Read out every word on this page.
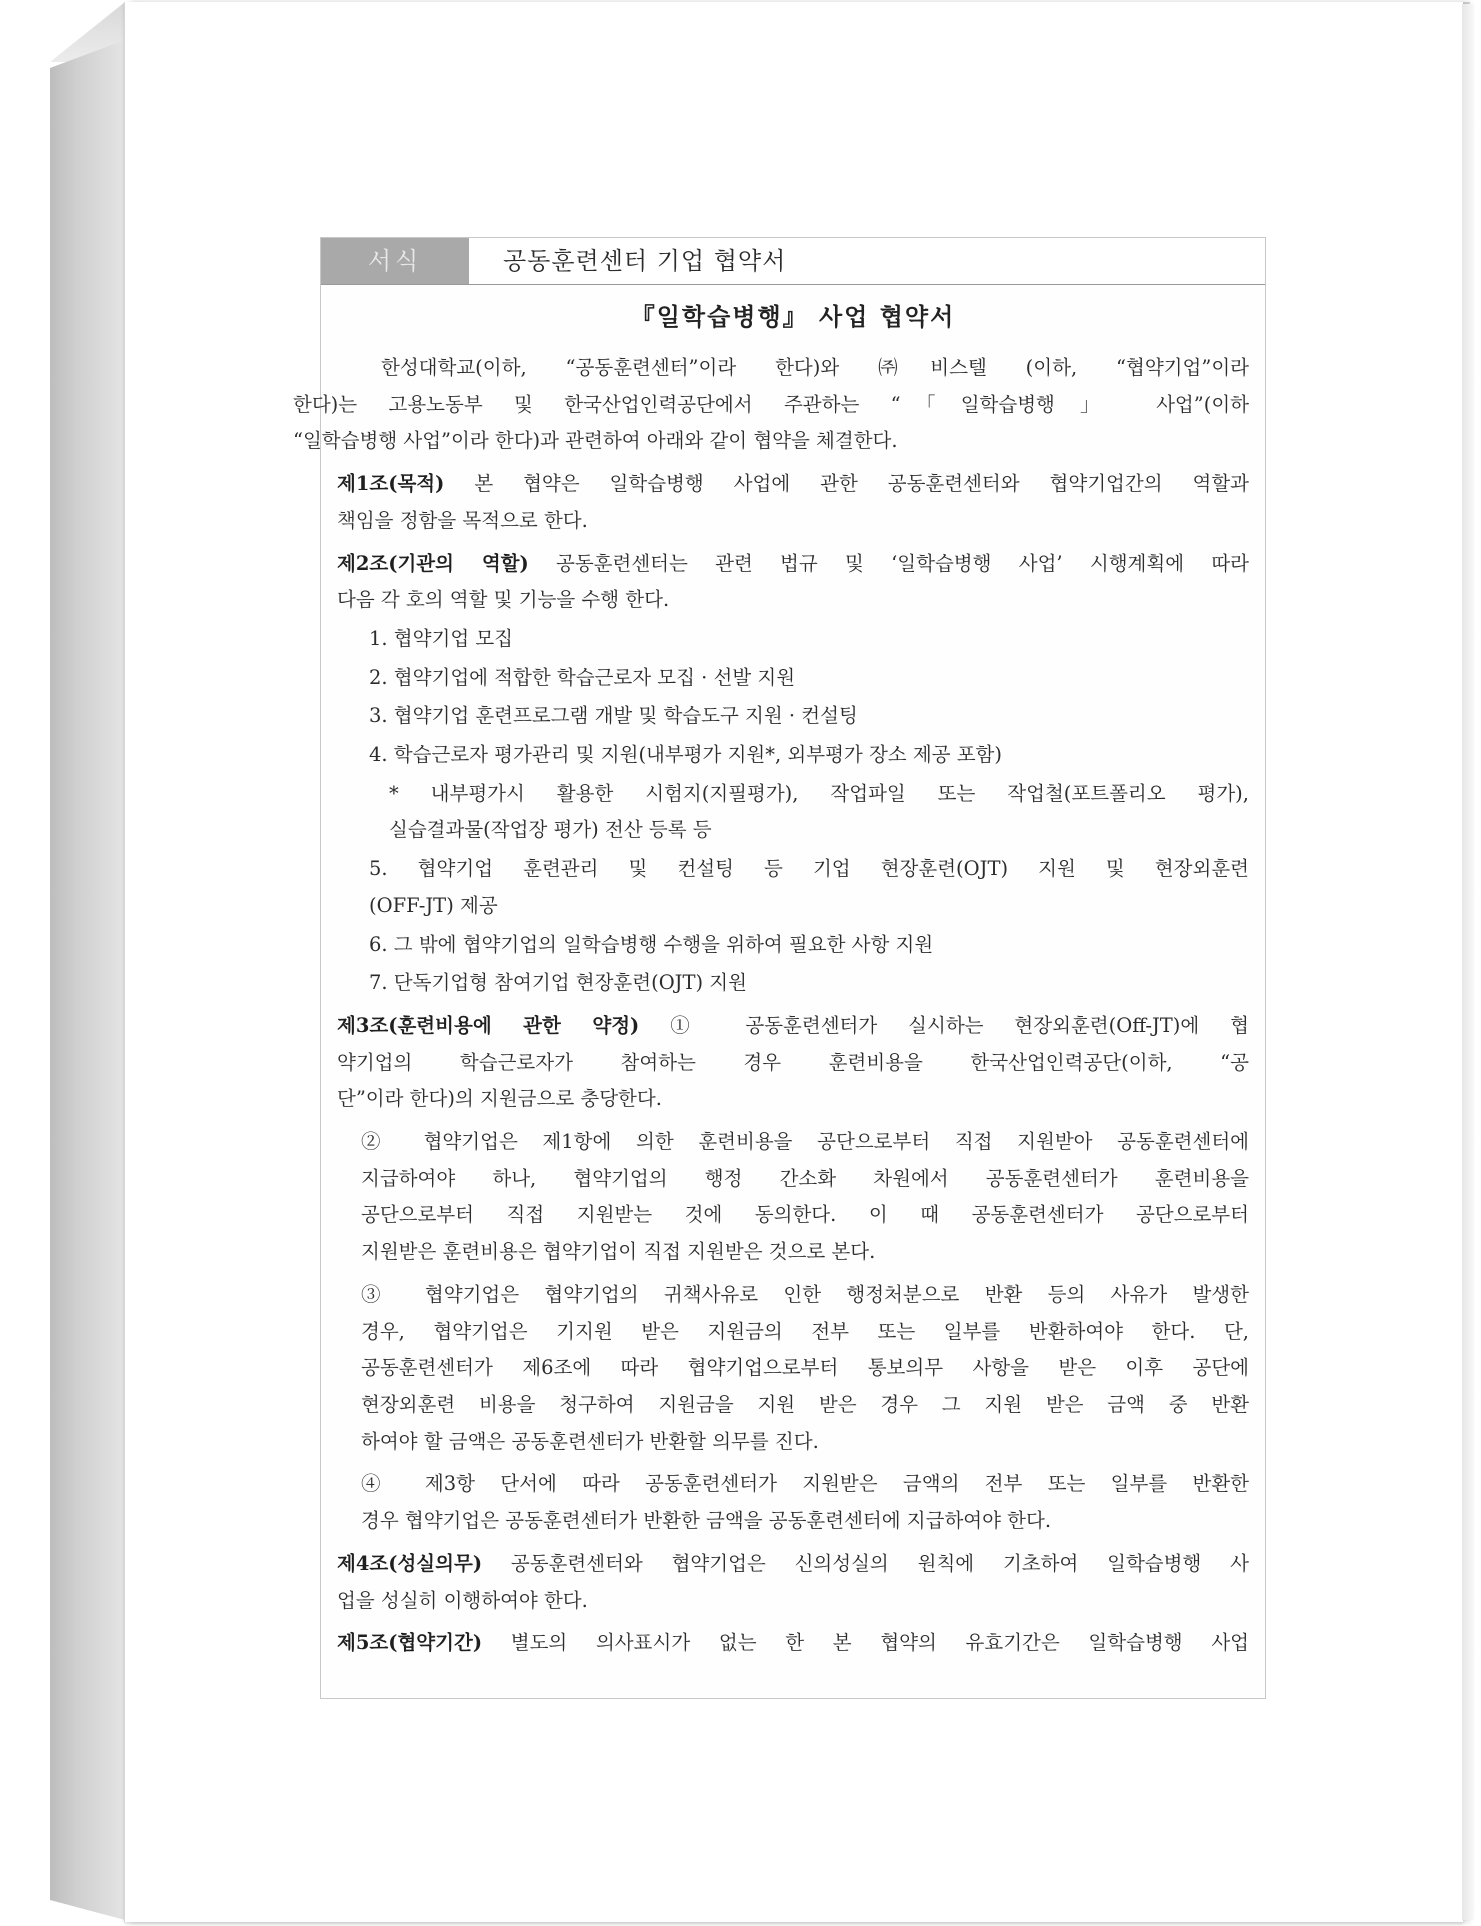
서식	공동훈련센터 기업 협약서
『일학습병행』 사업 협약서
한성대학교(이하, “공동훈련센터”이라 한다)와 ㈜비스텔 (이하, “협약기업”이라
한다)는 고용노동부 및 한국산업인력공단에서 주관하는 “「일학습병행」 사업”(이하
“일학습병행 사업”이라 한다)과 관련하여 아래와 같이 협약을 체결한다.
제1조(목적) 본 협약은 일학습병행 사업에 관한 공동훈련센터와 협약기업간의 역할과
책임을 정함을 목적으로 한다.
제2조(기관의 역할) 공동훈련센터는 관련 법규 및 ‘일학습병행 사업’ 시행계획에 따라
다음 각 호의 역할 및 기능을 수행 한다.
1. 협약기업 모집
2. 협약기업에 적합한 학습근로자 모집 · 선발 지원
3. 협약기업 훈련프로그램 개발 및 학습도구 지원 · 컨설팅
4. 학습근로자 평가관리 및 지원(내부평가 지원*, 외부평가 장소 제공 포함)
* 내부평가시 활용한 시험지(지필평가), 작업파일 또는 작업철(포트폴리오 평가),
실습결과물(작업장 평가) 전산 등록 등
5. 협약기업 훈련관리 및 컨설팅 등 기업 현장훈련(OJT) 지원 및 현장외훈련
(OFF-JT) 제공
6. 그 밖에 협약기업의 일학습병행 수행을 위하여 필요한 사항 지원
7. 단독기업형 참여기업 현장훈련(OJT) 지원
제3조(훈련비용에 관한 약정) ① 공동훈련센터가 실시하는 현장외훈련(Off-JT)에 협
약기업의 학습근로자가 참여하는 경우 훈련비용을 한국산업인력공단(이하, “공
단”이라 한다)의 지원금으로 충당한다.
② 협약기업은 제1항에 의한 훈련비용을 공단으로부터 직접 지원받아 공동훈련센터에
지급하여야 하나, 협약기업의 행정 간소화 차원에서 공동훈련센터가 훈련비용을
공단으로부터 직접 지원받는 것에 동의한다. 이 때 공동훈련센터가 공단으로부터
지원받은 훈련비용은 협약기업이 직접 지원받은 것으로 본다.
③ 협약기업은 협약기업의 귀책사유로 인한 행정처분으로 반환 등의 사유가 발생한
경우, 협약기업은 기지원 받은 지원금의 전부 또는 일부를 반환하여야 한다. 단,
공동훈련센터가 제6조에 따라 협약기업으로부터 통보의무 사항을 받은 이후 공단에
현장외훈련 비용을 청구하여 지원금을 지원 받은 경우 그 지원 받은 금액 중 반환
하여야 할 금액은 공동훈련센터가 반환할 의무를 진다.
④ 제3항 단서에 따라 공동훈련센터가 지원받은 금액의 전부 또는 일부를 반환한
경우 협약기업은 공동훈련센터가 반환한 금액을 공동훈련센터에 지급하여야 한다.
제4조(성실의무) 공동훈련센터와 협약기업은 신의성실의 원칙에 기초하여 일학습병행 사
업을 성실히 이행하여야 한다.
제5조(협약기간) 별도의 의사표시가 없는 한 본 협약의 유효기간은 일학습병행 사업
